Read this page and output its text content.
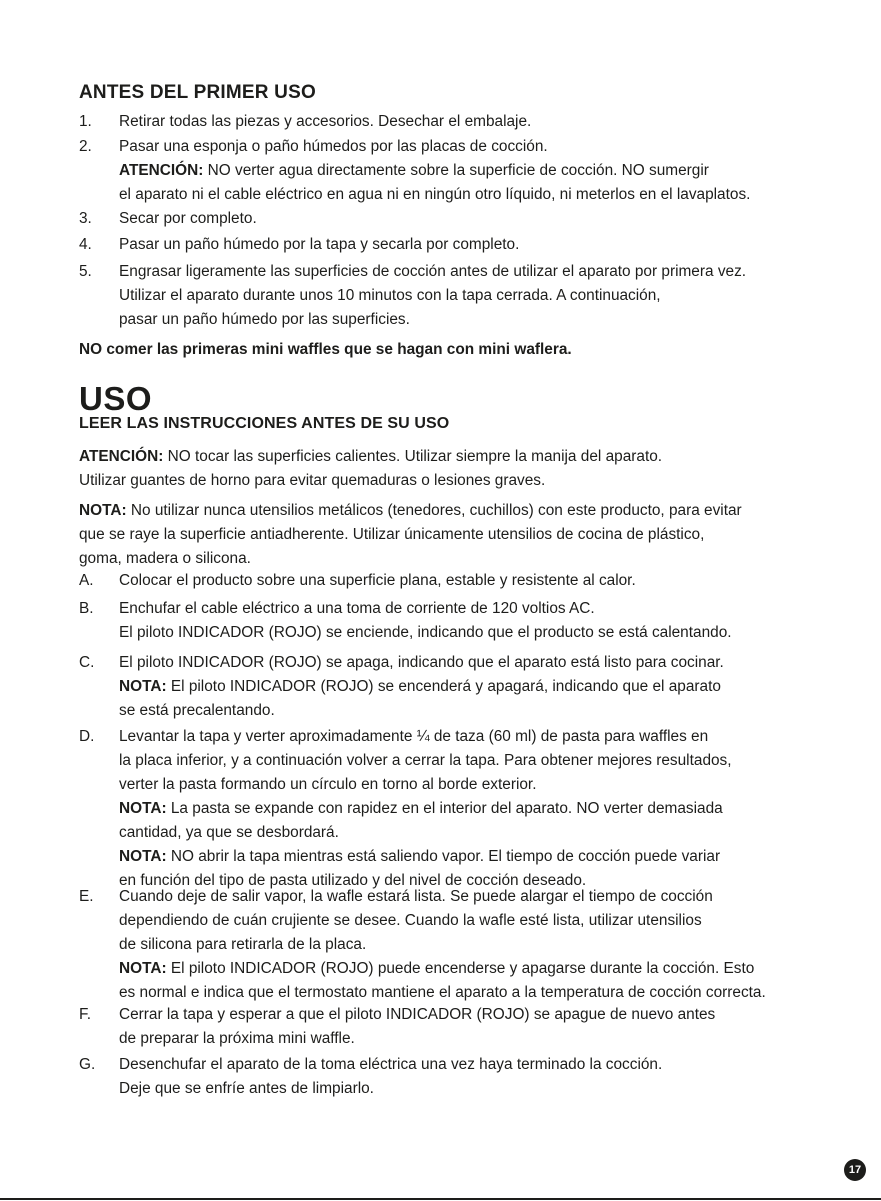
ANTES DEL PRIMER USO
1.	Retirar todas las piezas y accesorios. Desechar el embalaje.
2.	Pasar una esponja o paño húmedos por las placas de cocción.
ATENCIÓN: NO verter agua directamente sobre la superficie de cocción. NO sumergir
el aparato ni el cable eléctrico en agua ni en ningún otro líquido, ni meterlos en el lavaplatos.
3.	Secar por completo.
4.	Pasar un paño húmedo por la tapa y secarla por completo.
5.	Engrasar ligeramente las superficies de cocción antes de utilizar el aparato por primera vez.
Utilizar el aparato durante unos 10 minutos con la tapa cerrada. A continuación,
pasar un paño húmedo por las superficies.
NO comer las primeras mini waffles que se hagan con mini waflera.
USO
LEER LAS INSTRUCCIONES ANTES DE SU USO
ATENCIÓN: NO tocar las superficies calientes. Utilizar siempre la manija del aparato.
Utilizar guantes de horno para evitar quemaduras o lesiones graves.
NOTA: No utilizar nunca utensilios metálicos (tenedores, cuchillos) con este producto, para evitar
que se raye la superficie antiadherente. Utilizar únicamente utensilios de cocina de plástico,
goma, madera o silicona.
A.	Colocar el producto sobre una superficie plana, estable y resistente al calor.
B.	Enchufar el cable eléctrico a una toma de corriente de 120 voltios AC.
El piloto INDICADOR (ROJO) se enciende, indicando que el producto se está calentando.
C.	El piloto INDICADOR (ROJO) se apaga, indicando que el aparato está listo para cocinar.
NOTA: El piloto INDICADOR (ROJO) se encenderá y apagará, indicando que el aparato
se está precalentando.
D.	Levantar la tapa y verter aproximadamente ¼ de taza (60 ml) de pasta para waffles en
la placa inferior, y a continuación volver a cerrar la tapa. Para obtener mejores resultados,
verter la pasta formando un círculo en torno al borde exterior.
NOTA: La pasta se expande con rapidez en el interior del aparato. NO verter demasiada
cantidad, ya que se desbordará.
NOTA: NO abrir la tapa mientras está saliendo vapor. El tiempo de cocción puede variar
en función del tipo de pasta utilizado y del nivel de cocción deseado.
E.	Cuando deje de salir vapor, la wafle estará lista. Se puede alargar el tiempo de cocción
dependiendo de cuán crujiente se desee. Cuando la wafle esté lista, utilizar utensilios
de silicona para retirarla de la placa.
NOTA: El piloto INDICADOR (ROJO) puede encenderse y apagarse durante la cocción. Esto
es normal e indica que el termostato mantiene el aparato a la temperatura de cocción correcta.
F.	Cerrar la tapa y esperar a que el piloto INDICADOR (ROJO) se apague de nuevo antes
de preparar la próxima mini waffle.
G.	Desenchufar el aparato de la toma eléctrica una vez haya terminado la cocción.
Deje que se enfríe antes de limpiarlo.
17
